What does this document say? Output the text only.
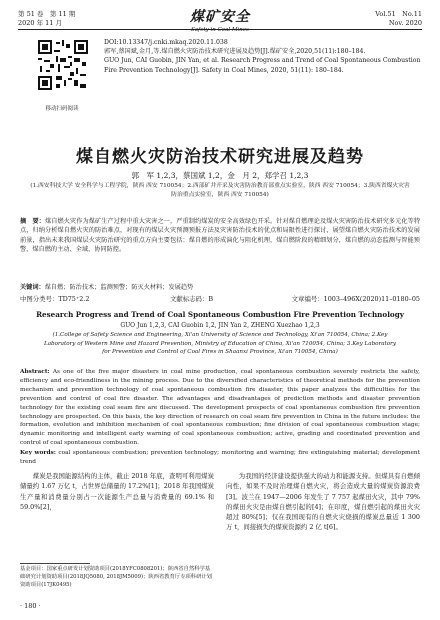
第 51 卷　第 11 期
2020 年 11 月	煤矿安全
Safety in Coal Mines
Vol.51　No.11
Nov. 2020
移动扫码阅读
DOI:10.13347/j.cnki.mkaq.2020.11.038
郭军,蔡国斌,金月,等.煤自燃火灾防治技术研究进展及趋势[J].煤矿安全,2020,51(11):180–184.
GUO Jun, CAI Guobin, JIN Yan, et al. Research Progress and Trend of Coal Spontaneous Combustion Fire Prevention Technology[J]. Safety in Coal Mines, 2020, 51(11): 180–184.
煤自燃火灾防治技术研究进展及趋势
郭　军 1,2,3，蔡国斌 1,2，金　月 2，郑学召 1,2,3
(1.西安科技大学 安全科学与工程学院，陕西 西安 710054；2.西部矿井开采及灾害防治教育部重点实验室，陕西 西安 710054；3.陕西省煤火灾害防治重点实验室，陕西 西安 710054)
摘　要：煤自燃火灾作为煤矿生产过程中重大灾害之一，严重制约煤炭的安全高效绿色开采。针对煤自燃理论及煤火灾害防治技术研究多元化等特点，归纳分析煤自燃火灾的防治难点，对现有的煤层火灾预测预报方法及灾害防治技术的优点和局限性进行探讨，展望煤自燃火灾防治技术的发展前景，指出未来我国煤层火灾防治研究的重点方向主要包括：煤自燃的形成演化与阻化机理，煤自燃阶段的精细划分，煤自燃的动态监测与智能预警，煤自燃的主动、全域、协同防控。
关键词：煤自燃；防治技术；监测预警；防灭火材料；发展趋势
中图分类号：TD75⁺2.2	文献标志码：B	文章编号：1003–496X(2020)11–0180–05
Research Progress and Trend of Coal Spontaneous Combustion Fire Prevention Technology
GUO Jun 1,2,3, CAI Guobin 1,2, JIN Yan 2, ZHENG Xuezhao 1,2,3
(1.College of Safety Science and Engineering, Xi'an University of Science and Technology, Xi'an 710054, China; 2.Key Laboratory of Western Mine and Hazard Prevention, Ministry of Education of China, Xi'an 710054, China; 3.Key Laboratory for Prevention and Control of Coal Fires in Shaanxi Province, Xi'an 710054, China)
Abstract: As one of the five major disasters in coal mine production, coal spontaneous combustion severely restricts the safety, efficiency and eco-friendliness in the mining process. Due to the diversified characteristics of theoretical methods for the prevention mechanism and prevention technology of coal spontaneous combustion fire disaster, this paper analyzes the difficulties for the prevention and control of coal fire disaster. The advantages and disadvantages of prediction methods and disaster prevention technology for the existing coal seam fire are discussed. The development prospects of coal spontaneous combustion fire prevention technology are prospected. On this basis, the key direction of research on coal seam fire prevention in China in the future includes: the formation, evolution and inhibition mechanism of coal spontaneous combustion; fine division of coal spontaneous combustion stage; dynamic monitoring and intelligent early warning of coal spontaneous combustion; active, grading and coordinated prevention and control of coal spontaneous combustion.
Key words: coal spontaneous combustion; prevention technology; monitoring and warning; fire extinguishing material; development trend
煤炭是我国能源结构的主体，截止 2018 年底，查明可利用煤炭储量约 1.67 万亿 t，占世界总储量的 17.2%[1]；2018 年我国煤炭生产量和消费量分别占一次能源生产总量与消费量的 69.1% 和 59.0%[2]，
为我国的经济建设提供强大的动力和能源支持。但煤具有自燃倾向性，如果不及时治理煤自燃火灾，将会造成大量的煤炭资源浪费[3]。波兰在 1947—2006 年发生了 7 757 起煤田火灾，其中 79% 的煤田火灾是由煤自燃引起的[4]；在印度，煤自燃引起的煤田火灾超过 80%[5]；仅在我国现有的自燃火灾烧损的煤炭总量近 1 300 万 t，间接损失的煤炭资源约 2 亿 t[6]。
基金项目：国家重点研发计划资助项目(2018YFC0808201)；陕西省自然科学基础研究计划资助项目(2018JQ5080, 2018JM5009)；陕西省教育厅专项科研计划资助项目(17JK0495)
· 180 ·
